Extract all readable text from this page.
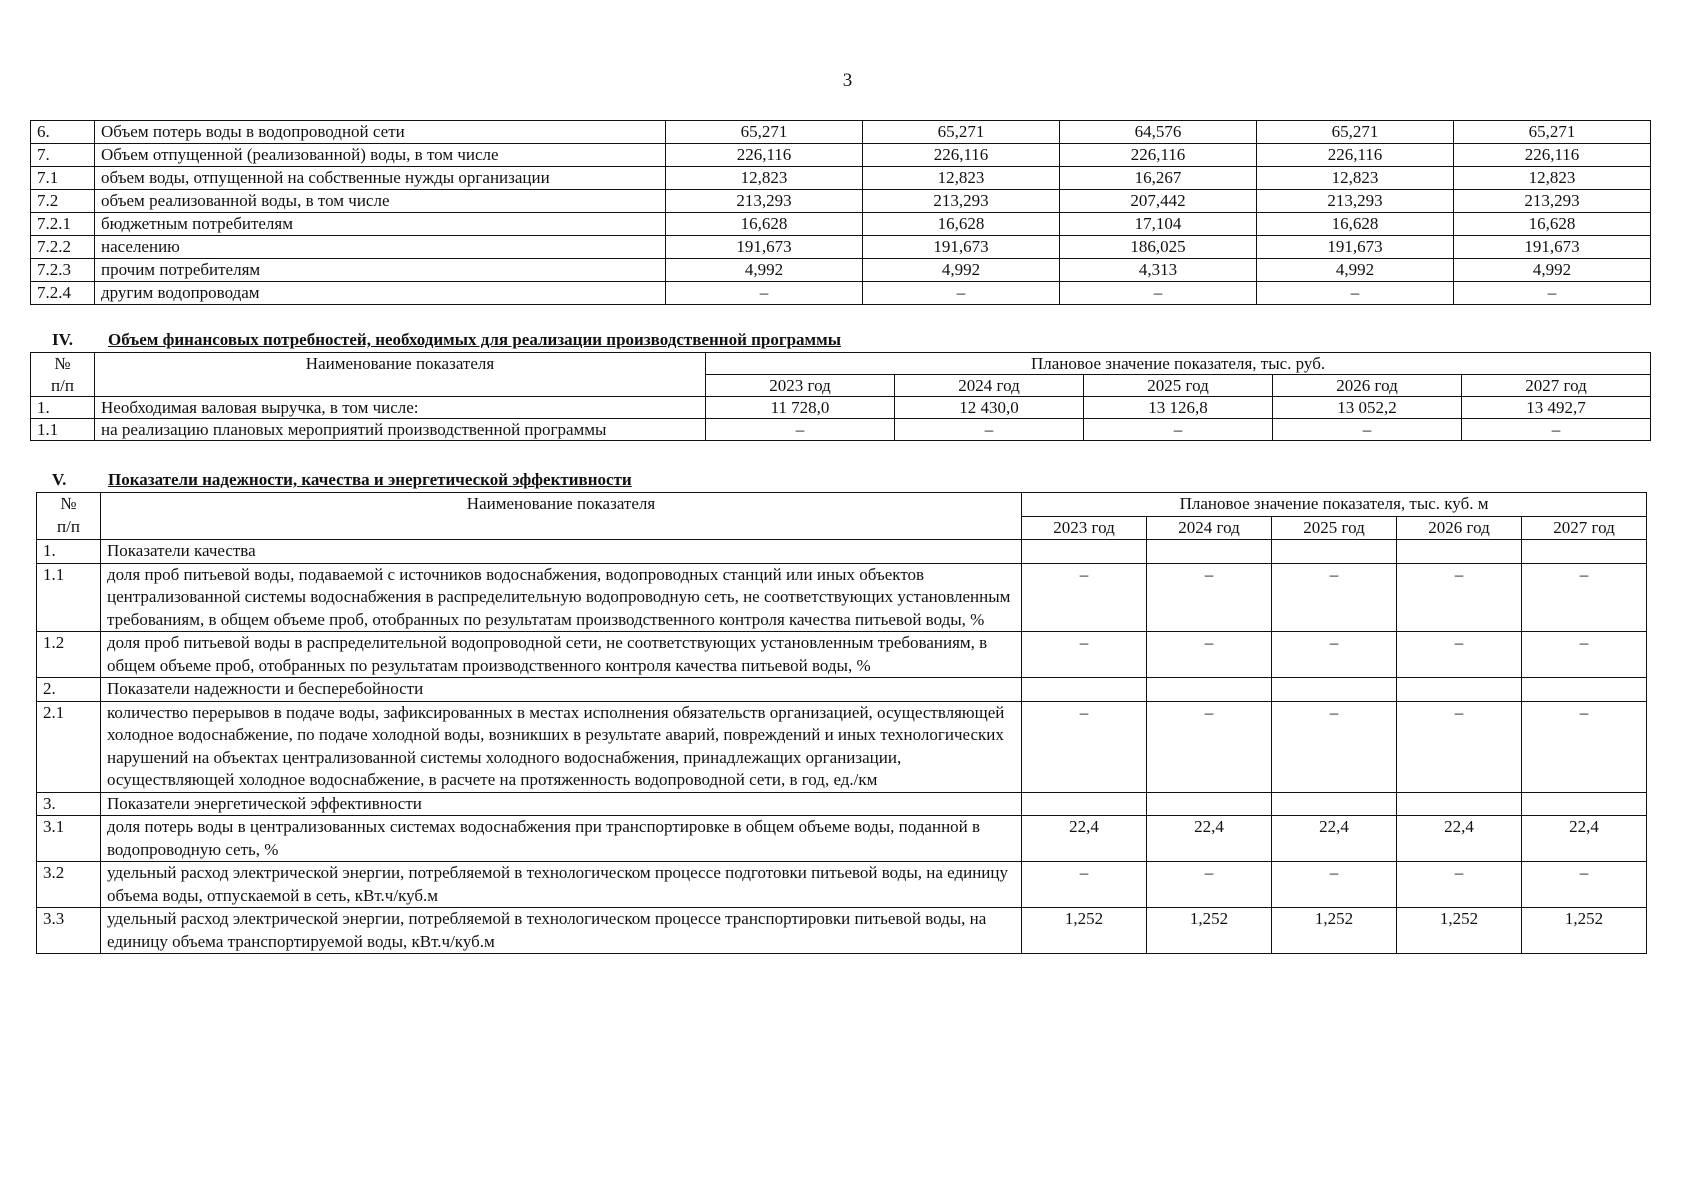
3
6.	Объем потерь воды в водопроводной сети	65,271	65,271	64,576	65,271	65,271
7.	Объем отпущенной (реализованной) воды, в том числе	226,116	226,116	226,116	226,116	226,116
7.1	объем воды, отпущенной на собственные нужды организации	12,823	12,823	16,267	12,823	12,823
7.2	объем реализованной воды, в том числе	213,293	213,293	207,442	213,293	213,293
7.2.1	бюджетным потребителям	16,628	16,628	17,104	16,628	16,628
7.2.2	населению	191,673	191,673	186,025	191,673	191,673
7.2.3	прочим потребителям	4,992	4,992	4,313	4,992	4,992
7.2.4	другим водопроводам	–	–	–	–	–
IV. Объем финансовых потребностей, необходимых для реализации производственной программы
№	Наименование показателя	Плановое значение показателя, тыс. руб.				
п/п		2023 год	2024 год	2025 год	2026 год	2027 год
1.	Необходимая валовая выручка, в том числе:	11 728,0	12 430,0	13 126,8	13 052,2	13 492,7
1.1	на реализацию плановых мероприятий производственной программы	–	–	–	–	–
V. Показатели надежности, качества и энергетической эффективности
№	Наименование показателя	Плановое значение показателя, тыс. куб. м				
п/п		2023 год	2024 год	2025 год	2026 год	2027 год
1.	Показатели качества					
1.1	доля проб питьевой воды, подаваемой с источников водоснабжения, водопроводных станций или иных объектов централизованной системы водоснабжения в распределительную водопроводную сеть, не соответствующих установленным требованиям, в общем объеме проб, отобранных по результатам производственного контроля качества питьевой воды, %	–	–	–	–	–
1.2	доля проб питьевой воды в распределительной водопроводной сети, не соответствующих установленным требованиям, в общем объеме проб, отобранных по результатам производственного контроля качества питьевой воды, %	–	–	–	–	–
2.	Показатели надежности и бесперебойности					
2.1	количество перерывов в подаче воды, зафиксированных в местах исполнения обязательств организацией, осуществляющей холодное водоснабжение, по подаче холодной воды, возникших в результате аварий, повреждений и иных технологических нарушений на объектах централизованной системы холодного водоснабжения, принадлежащих организации, осуществляющей холодное водоснабжение, в расчете на протяженность водопроводной сети, в год, ед./км	–	–	–	–	–
3.	Показатели энергетической эффективности					
3.1	доля потерь воды в централизованных системах водоснабжения при транспортировке в общем объеме воды, поданной в водопроводную сеть, %	22,4	22,4	22,4	22,4	22,4
3.2	удельный расход электрической энергии, потребляемой в технологическом процессе подготовки питьевой воды, на единицу объема воды, отпускаемой в сеть, кВт.ч/куб.м	–	–	–	–	–
3.3	удельный расход электрической энергии, потребляемой в технологическом процессе транспортировки питьевой воды, на единицу объема транспортируемой воды, кВт.ч/куб.м	1,252	1,252	1,252	1,252	1,252
